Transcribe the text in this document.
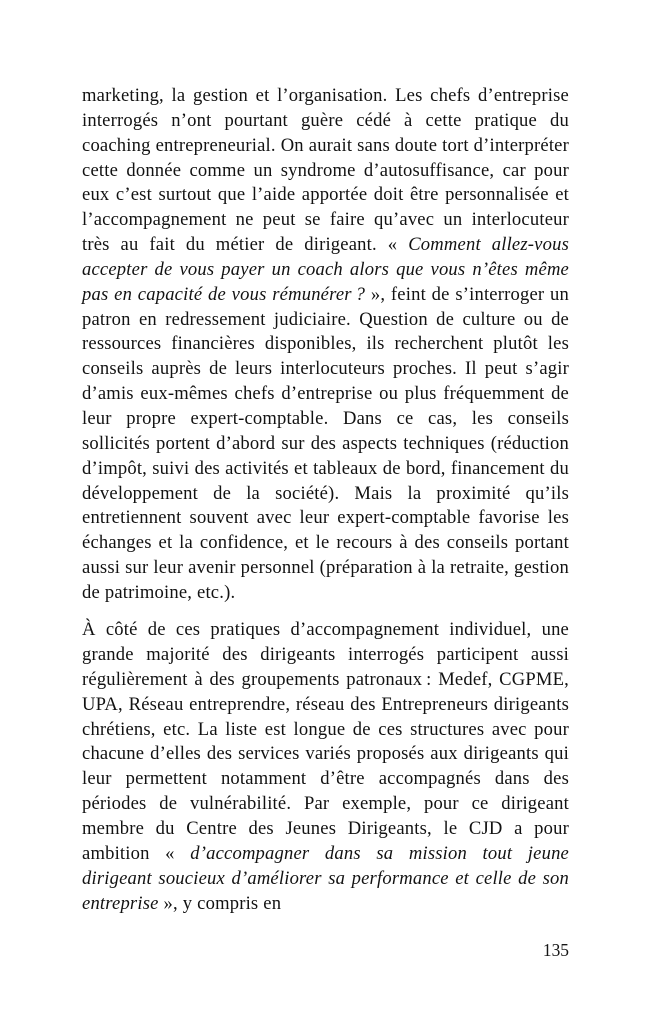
marketing, la gestion et l’organisation. Les chefs d’entreprise interrogés n’ont pourtant guère cédé à cette pratique du coaching entrepreneurial. On aurait sans doute tort d’interpréter cette donnée comme un syndrome d’autosuffisance, car pour eux c’est surtout que l’aide apportée doit être personnalisée et l’accompagnement ne peut se faire qu’avec un interlocuteur très au fait du métier de dirigeant. « Comment allez-vous accepter de vous payer un coach alors que vous n’êtes même pas en capacité de vous rémunérer ? », feint de s’interroger un patron en redressement judiciaire. Question de culture ou de ressources financières disponibles, ils recherchent plutôt les conseils auprès de leurs interlocuteurs proches. Il peut s’agir d’amis eux-mêmes chefs d’entreprise ou plus fréquemment de leur propre expert-comptable. Dans ce cas, les conseils sollicités portent d’abord sur des aspects techniques (réduction d’impôt, suivi des activités et tableaux de bord, financement du développement de la société). Mais la proximité qu’ils entretiennent souvent avec leur expert-comptable favorise les échanges et la confidence, et le recours à des conseils portant aussi sur leur avenir personnel (préparation à la retraite, gestion de patrimoine, etc.).

À côté de ces pratiques d’accompagnement individuel, une grande majorité des dirigeants interrogés participent aussi régulièrement à des groupements patronaux : Medef, CGPME, UPA, Réseau entreprendre, réseau des Entrepreneurs dirigeants chrétiens, etc. La liste est longue de ces structures avec pour chacune d’elles des services variés proposés aux dirigeants qui leur permettent notamment d’être accompagnés dans des périodes de vulnérabilité. Par exemple, pour ce dirigeant membre du Centre des Jeunes Dirigeants, le CJD a pour ambition « d’accompagner dans sa mission tout jeune dirigeant soucieux d’améliorer sa performance et celle de son entreprise », y compris en

135
